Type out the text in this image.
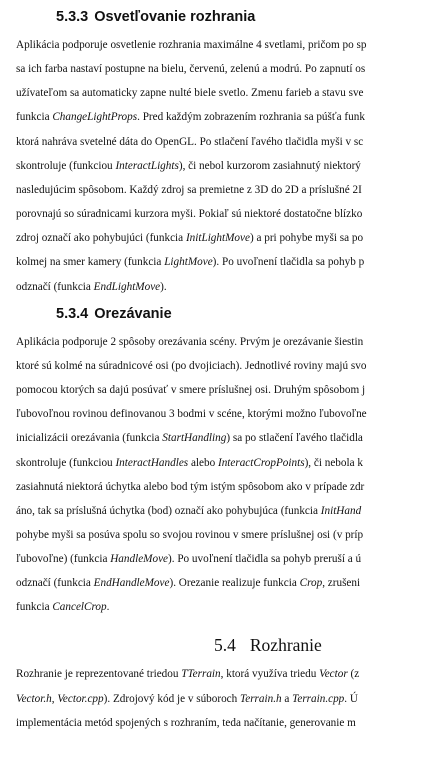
5.3.3 Osvetľovanie rozhrania
Aplikácia podporuje osvetlenie rozhrania maximálne 4 svetlami, pričom po sp
sa ich farba nastaví postupne na bielu, červenú, zelenú a modrú. Po zapnutí os
užívateľom sa automaticky zapne nulté biele svetlo. Zmenu farieb a stavu sve
funkcia ChangeLightProps. Pred každým zobrazením rozhrania sa púšťa funk
ktorá nahráva svetelné dáta do OpenGL. Po stlačení ľavého tlačidla myši v sc
skontroluje (funkciou InteractLights), či nebol kurzorom zasiahnutý niektorý
nasledujúcim spôsobom. Každý zdroj sa premietne z 3D do 2D a príslušné 2I
porovnajú so súradnicami kurzora myši. Pokiaľ sú niektoré dostatočne blízko
zdroj označí ako pohybujúci (funkcia InitLightMove) a pri pohybe myši sa po
kolmej na smer kamery (funkcia LightMove). Po uvoľnení tlačidla sa pohyb p
odznačí (funkcia EndLightMove).
5.3.4 Orezávanie
Aplikácia podporuje 2 spôsoby orezávania scény. Prvým je orezávanie šiestin
ktoré sú kolmé na súradnicové osi (po dvojiciach). Jednotlivé roviny majú svo
pomocou ktorých sa dajú posúvať v smere príslušnej osi. Druhým spôsobom j
ľubovoľnou rovinou definovanou 3 bodmi v scéne, ktorými možno ľubovoľne
inicializácii orezávania (funkcia StartHandling) sa po stlačení ľavého tlačidla
skontroluje (funkciou InteractHandles alebo InteractCropPoints), či nebola k
zasiahnutá niektorá úchytka alebo bod tým istým spôsobom ako v prípade zdr
áno, tak sa príslušná úchytka (bod) označí ako pohybujúca (funkcia InitHand
pohybe myši sa posúva spolu so svojou rovinou v smere príslušnej osi (v príp
ľubovoľne) (funkcia HandleMove). Po uvoľnení tlačidla sa pohyb preruší a ú
odznačí (funkcia EndHandleMove). Orezanie realizuje funkcia Crop, zrušeni
funkcia CancelCrop.
5.4 Rozhranie
Rozhranie je reprezentované triedou TTerrain, ktorá využíva triedu Vector (z
Vector.h, Vector.cpp). Zdrojový kód je v súboroch Terrain.h a Terrain.cpp. Ú
implementácia metód spojených s rozhraním, teda načítanie, generovanie m
